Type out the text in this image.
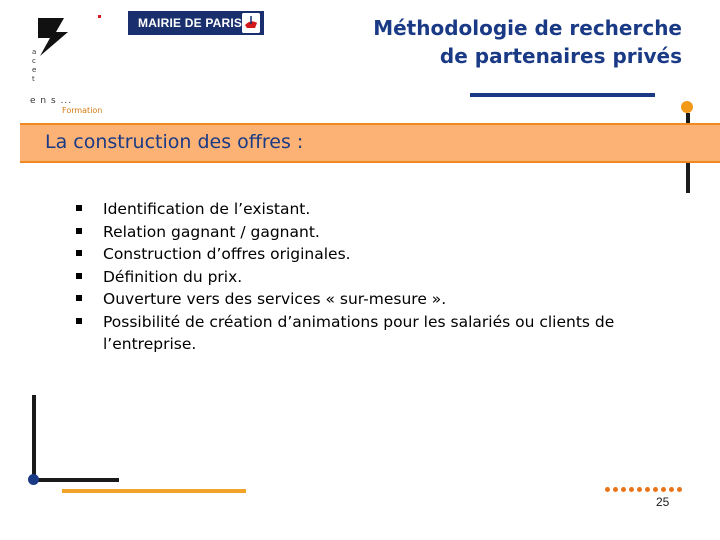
a
c
e
t
e n s ...
Formation
MAIRIE DE PARIS	Méthodologie de recherche
de partenaires privés
La construction des offres :
Identification de l’existant.
Relation gagnant / gagnant.
Construction d’offres originales.
Définition du prix.
Ouverture vers des services « sur-mesure ».
Possibilité de création d’animations pour les salariés ou clients de l’entreprise.
25
